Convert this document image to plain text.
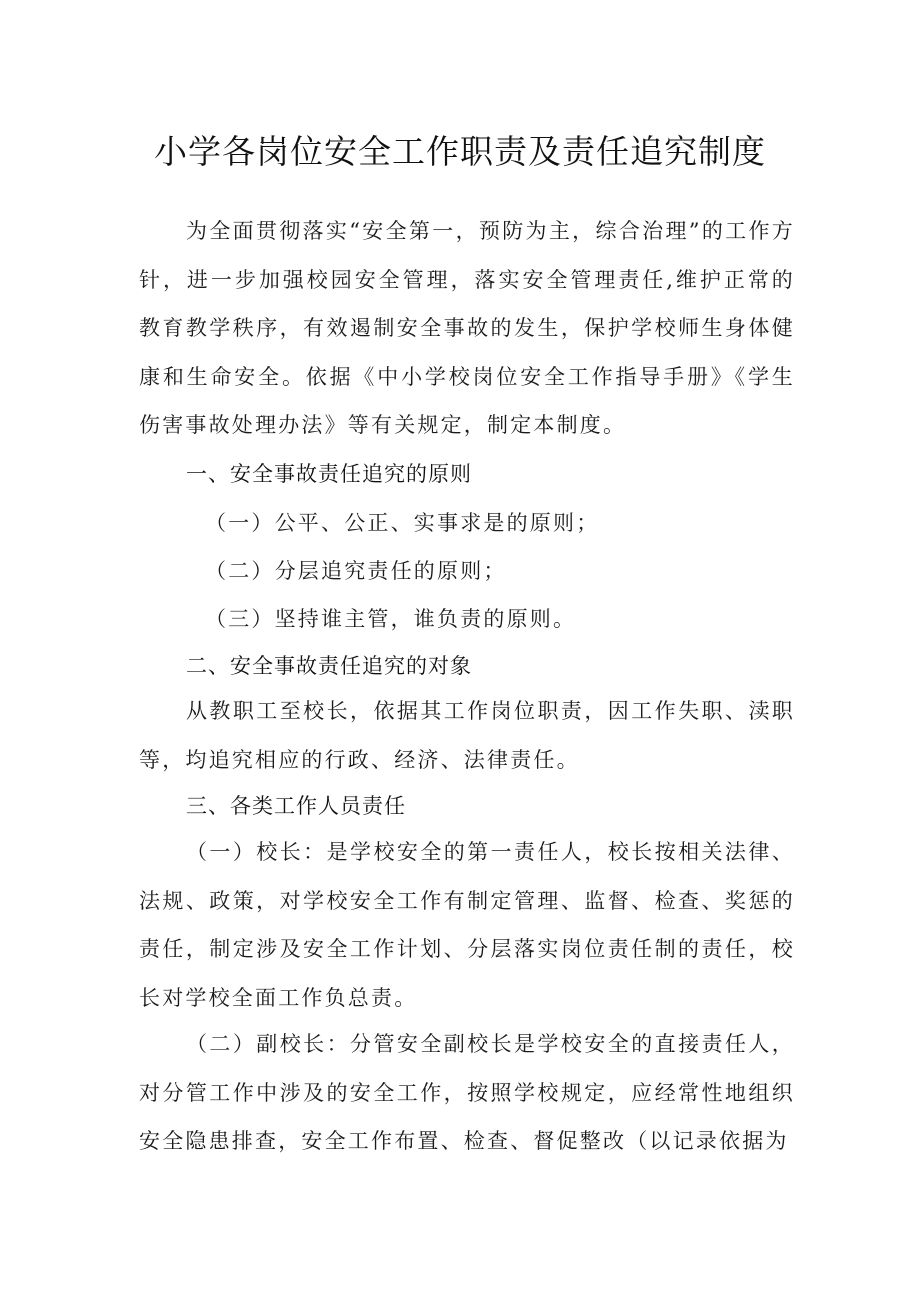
小学各岗位安全工作职责及责任追究制度

为全面贯彻落实“安全第一，预防为主，综合治理”的工作方针，进一步加强校园安全管理，落实安全管理责任,维护正常的教育教学秩序，有效遏制安全事故的发生，保护学校师生身体健康和生命安全。依据《中小学校岗位安全工作指导手册》《学生伤害事故处理办法》等有关规定，制定本制度。

一、安全事故责任追究的原则
（一）公平、公正、实事求是的原则；
（二）分层追究责任的原则；
（三）坚持谁主管，谁负责的原则。
二、安全事故责任追究的对象

从教职工至校长，依据其工作岗位职责，因工作失职、渎职等，均追究相应的行政、经济、法律责任。

三、各类工作人员责任

（一）校长：是学校安全的第一责任人，校长按相关法律、法规、政策，对学校安全工作有制定管理、监督、检查、奖惩的责任，制定涉及安全工作计划、分层落实岗位责任制的责任，校长对学校全面工作负总责。

（二）副校长：分管安全副校长是学校安全的直接责任人，对分管工作中涉及的安全工作，按照学校规定，应经常性地组织安全隐患排查，安全工作布置、检查、督促整改（以记录依据为
